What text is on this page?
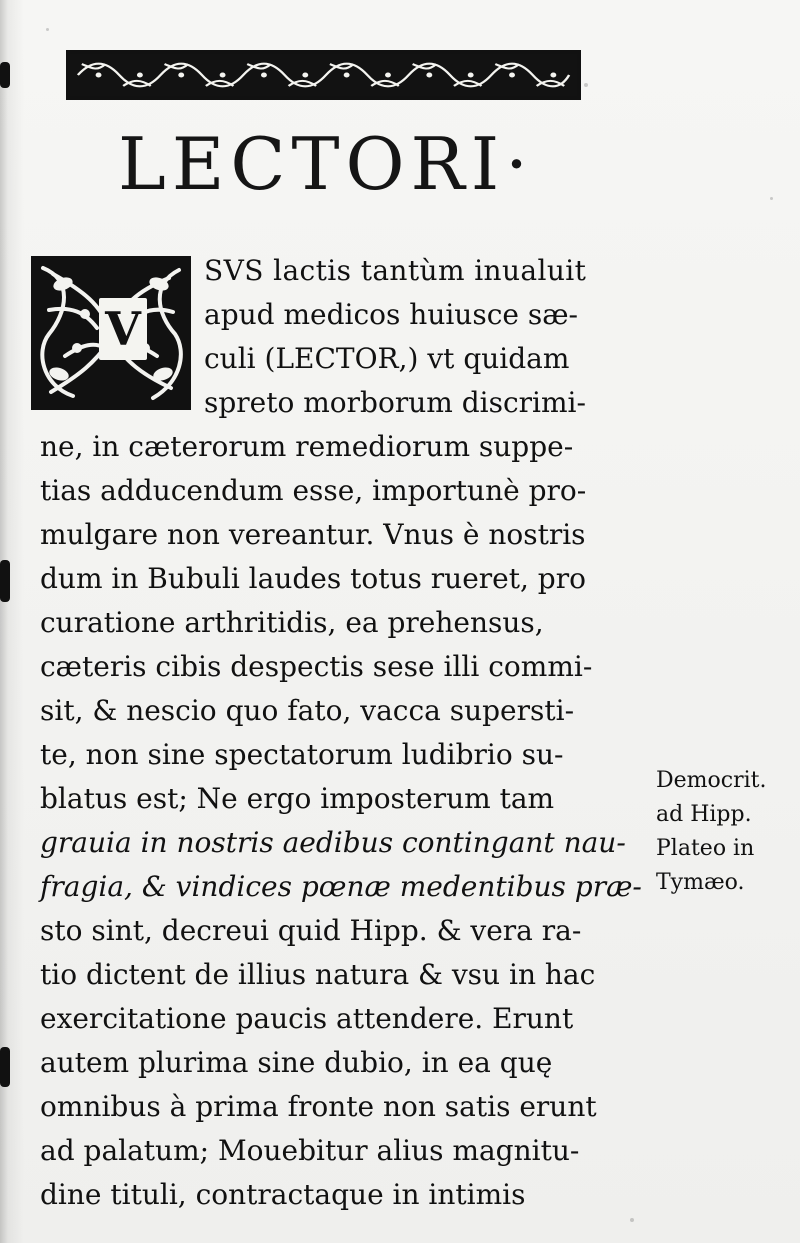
LECTORI·
V
SVS lactis tantùm inualuit
apud medicos huiusce sæ-
culi (LECTOR,) vt quidam
spreto morborum discrimi-
ne, in cæterorum remediorum suppe-
tias adducendum esse, importunè pro-
mulgare non vereantur. Vnus è nostris
dum in Bubuli laudes totus rueret, pro
curatione arthritidis, ea prehensus,
cæteris cibis despectis sese illi commi-
sit, & nescio quo fato, vacca supersti-
te, non sine spectatorum ludibrio su-
blatus est; Ne ergo imposterum tam
grauia in nostris aedibus contingant nau-
fragia, & vindices pœnæ medentibus præ-
sto sint, decreui quid Hipp. & vera ra-
tio dictent de illius natura & vsu in hac
exercitatione paucis attendere. Erunt
autem plurima sine dubio, in ea quę
omnibus à prima fronte non satis erunt
ad palatum; Mouebitur alius magnitu-
dine tituli, contractaque in intimis
Democrit.
ad Hipp.
Plateo in
Tymæo.
